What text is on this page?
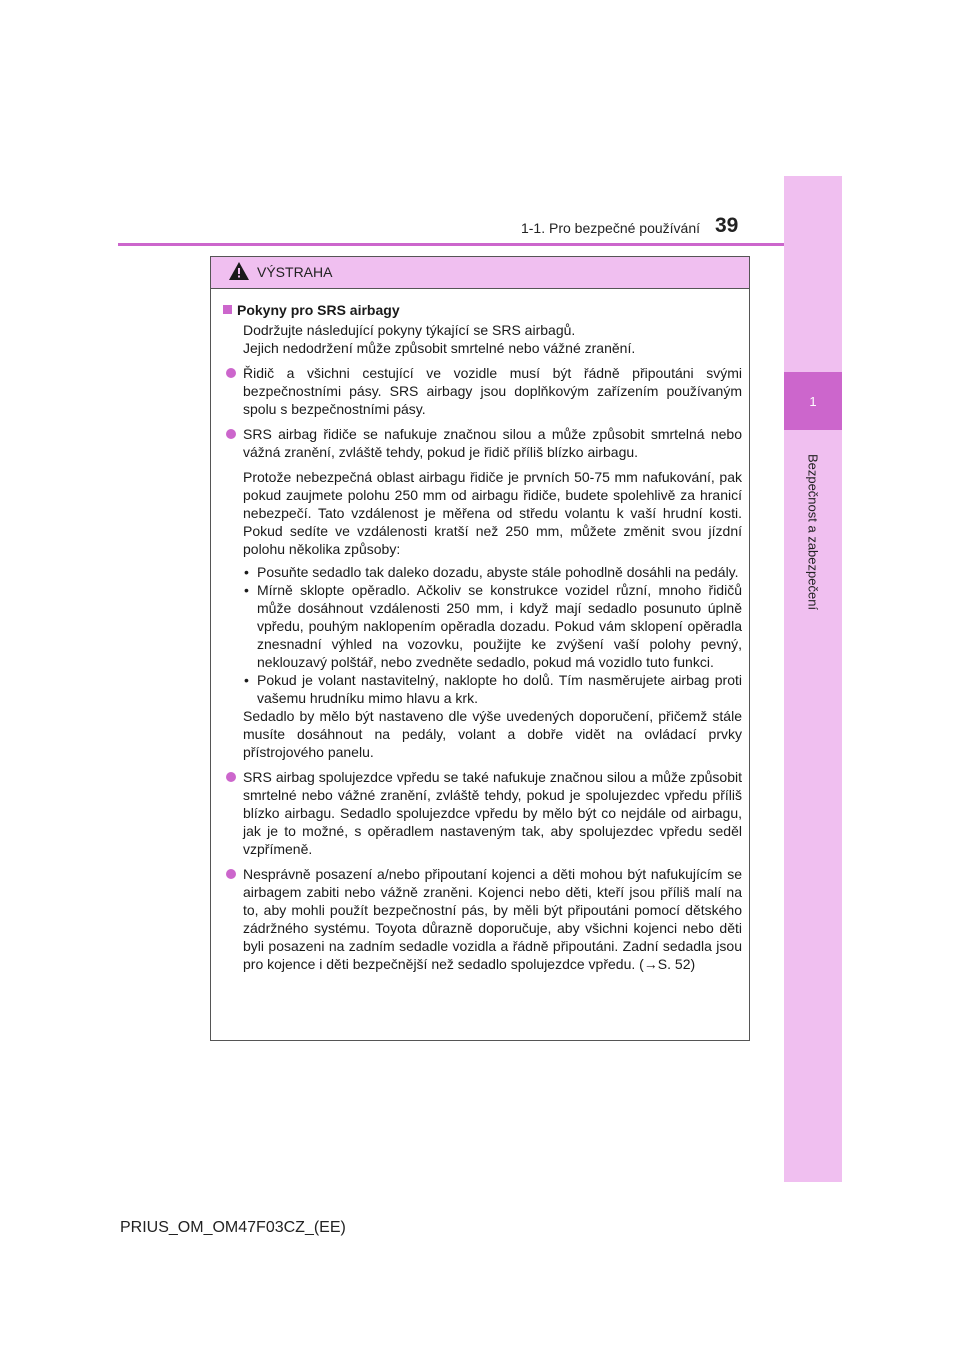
1
Bezpečnost a zabezpečení
1-1. Pro bezpečné používání 39
VÝSTRAHA
Pokyny pro SRS airbagy
Dodržujte následující pokyny týkající se SRS airbagů.
Jejich nedodržení může způsobit smrtelné nebo vážné zranění.
Řidič a všichni cestující ve vozidle musí být řádně připoutáni svými bezpečnostními pásy. SRS airbagy jsou doplňkovým zařízením používaným spolu s bezpečnostními pásy.
SRS airbag řidiče se nafukuje značnou silou a může způsobit smrtelná nebo vážná zranění, zvláště tehdy, pokud je řidič příliš blízko airbagu.
Protože nebezpečná oblast airbagu řidiče je prvních 50-75 mm nafukování, pak pokud zaujmete polohu 250 mm od airbagu řidiče, budete spolehlivě za hranicí nebezpečí. Tato vzdálenost je měřena od středu volantu k vaší hrudní kosti. Pokud sedíte ve vzdálenosti kratší než 250 mm, můžete změnit svou jízdní polohu několika způsoby:
• Posuňte sedadlo tak daleko dozadu, abyste stále pohodlně dosáhli na pedály.
• Mírně sklopte opěradlo. Ačkoliv se konstrukce vozidel různí, mnoho řidičů může dosáhnout vzdálenosti 250 mm, i když mají sedadlo posunuto úplně vpředu, pouhým naklopením opěradla dozadu. Pokud vám sklopení opěradla znesnadní výhled na vozovku, použijte ke zvýšení vaší polohy pevný, neklouzavý polštář, nebo zvedněte sedadlo, pokud má vozidlo tuto funkci.
• Pokud je volant nastavitelný, naklopte ho dolů. Tím nasměrujete airbag proti vašemu hrudníku mimo hlavu a krk.
Sedadlo by mělo být nastaveno dle výše uvedených doporučení, přičemž stále musíte dosáhnout na pedály, volant a dobře vidět na ovládací prvky přístrojového panelu.
SRS airbag spolujezdce vpředu se také nafukuje značnou silou a může způsobit smrtelné nebo vážné zranění, zvláště tehdy, pokud je spolujezdec vpředu příliš blízko airbagu. Sedadlo spolujezdce vpředu by mělo být co nejdále od airbagu, jak je to možné, s opěradlem nastaveným tak, aby spolujezdec vpředu seděl vzpřímeně.
Nesprávně posazení a/nebo připoutaní kojenci a děti mohou být nafukujícím se airbagem zabiti nebo vážně zraněni. Kojenci nebo děti, kteří jsou příliš malí na to, aby mohli použít bezpečnostní pás, by měli být připoutáni pomocí dětského zádržného systému. Toyota důrazně doporučuje, aby všichni kojenci nebo děti byli posazeni na zadním sedadle vozidla a řádně připoutáni. Zadní sedadla jsou pro kojence i děti bezpečnější než sedadlo spolujezdce vpředu. (→S. 52)
PRIUS_OM_OM47F03CZ_(EE)
